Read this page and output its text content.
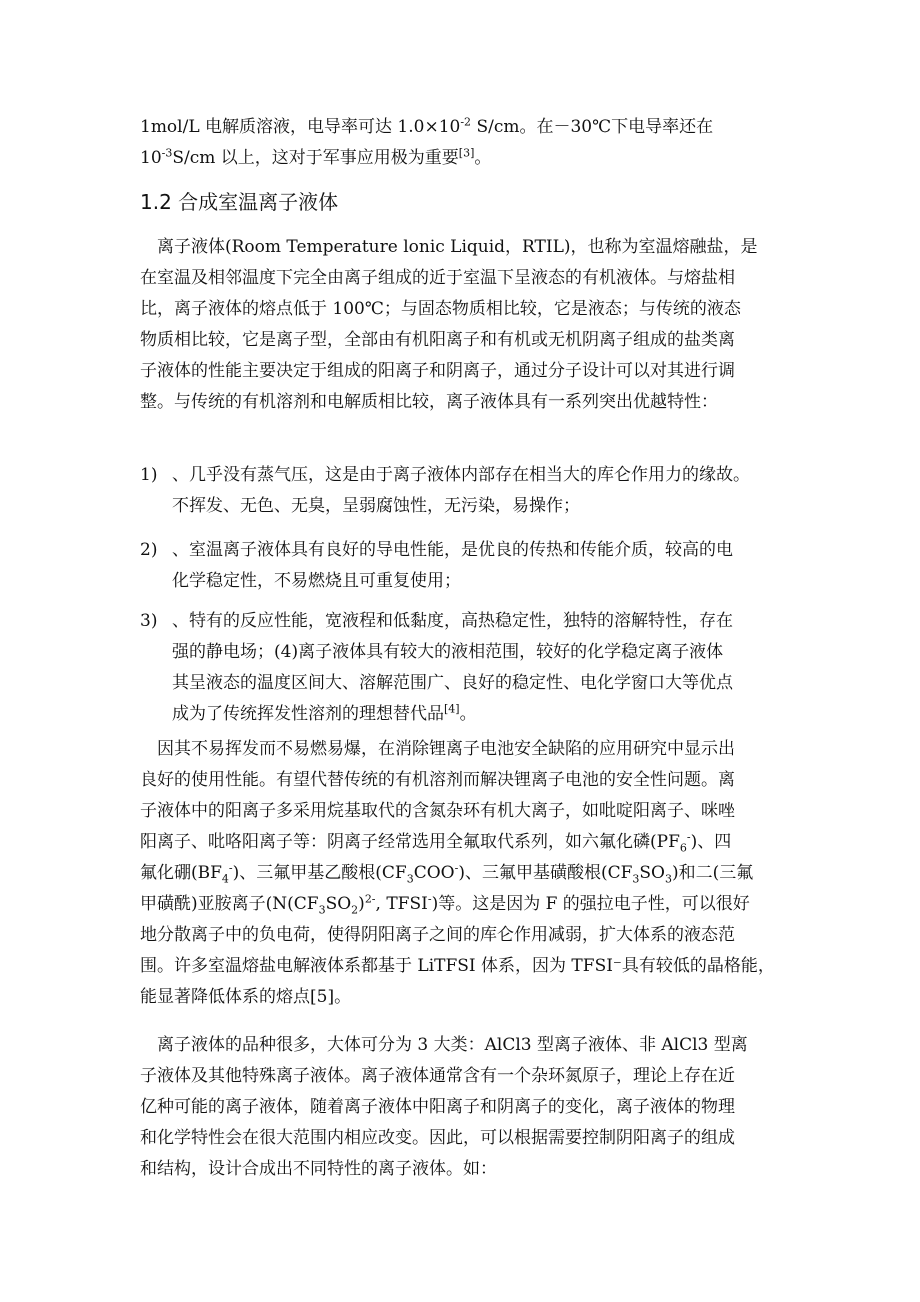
1mol/L 电解质溶液，电导率可达 $1.0\times 10^{-2}$ S/cm。在－30℃下电导率还在
$10^{-3}S/cm$ 以上，这对于军事应用极为重要[3]。
1.2 合成室温离子液体
　离子液体(Room Temperature lonic Liquid，RTIL)，也称为室温熔融盐，是
在室温及相邻温度下完全由离子组成的近于室温下呈液态的有机液体。与熔盐相
比，离子液体的熔点低于 100℃；与固态物质相比较，它是液态；与传统的液态
物质相比较，它是离子型，全部由有机阳离子和有机或无机阴离子组成的盐类离
子液体的性能主要决定于组成的阳离子和阴离子，通过分子设计可以对其进行调
整。与传统的有机溶剂和电解质相比较，离子液体具有一系列突出优越特性：
1) 、几乎没有蒸气压，这是由于离子液体内部存在相当大的库仑作用力的缘故。
不挥发、无色、无臭，呈弱腐蚀性，无污染，易操作；
2) 、室温离子液体具有良好的导电性能，是优良的传热和传能介质，较高的电
化学稳定性，不易燃烧且可重复使用；
3) 、特有的反应性能，宽液程和低黏度，高热稳定性，独特的溶解特性，存在
强的静电场；(4)离子液体具有较大的液相范围，较好的化学稳定离子液体
其呈液态的温度区间大、溶解范围广、良好的稳定性、电化学窗口大等优点
成为了传统挥发性溶剂的理想替代品[4]。
　因其不易挥发而不易燃易爆，在消除锂离子电池安全缺陷的应用研究中显示出
良好的使用性能。有望代替传统的有机溶剂而解决锂离子电池的安全性问题。离
子液体中的阳离子多采用烷基取代的含氮杂环有机大离子，如吡啶阳离子、咪唑
阳离子、吡咯阳离子等：阴离子经常选用全氟取代系列，如六氟化磷$(PF_6^-)$、四
氟化硼$(BF_4^-)$、三氟甲基乙酸根$(CF_3COO^-)$、三氟甲基磺酸根$(CF_3SO_3)$和二(三氟
甲磺酰)亚胺离子($N(CF_3SO_2)^{2-}$, TFSI-)等。这是因为 F 的强拉电子性，可以很好
地分散离子中的负电荷，使得阴阳离子之间的库仑作用减弱，扩大体系的液态范
围。许多室温熔盐电解液体系都基于 LiTFSI 体系，因为 TFSI⁻具有较低的晶格能，
能显著降低体系的熔点[5]。
　离子液体的品种很多，大体可分为 3 大类：AlCl3 型离子液体、非 AlCl3 型离
子液体及其他特殊离子液体。离子液体通常含有一个杂环氮原子，理论上存在近
亿种可能的离子液体，随着离子液体中阳离子和阴离子的变化，离子液体的物理
和化学特性会在很大范围内相应改变。因此，可以根据需要控制阴阳离子的组成
和结构，设计合成出不同特性的离子液体。如：
